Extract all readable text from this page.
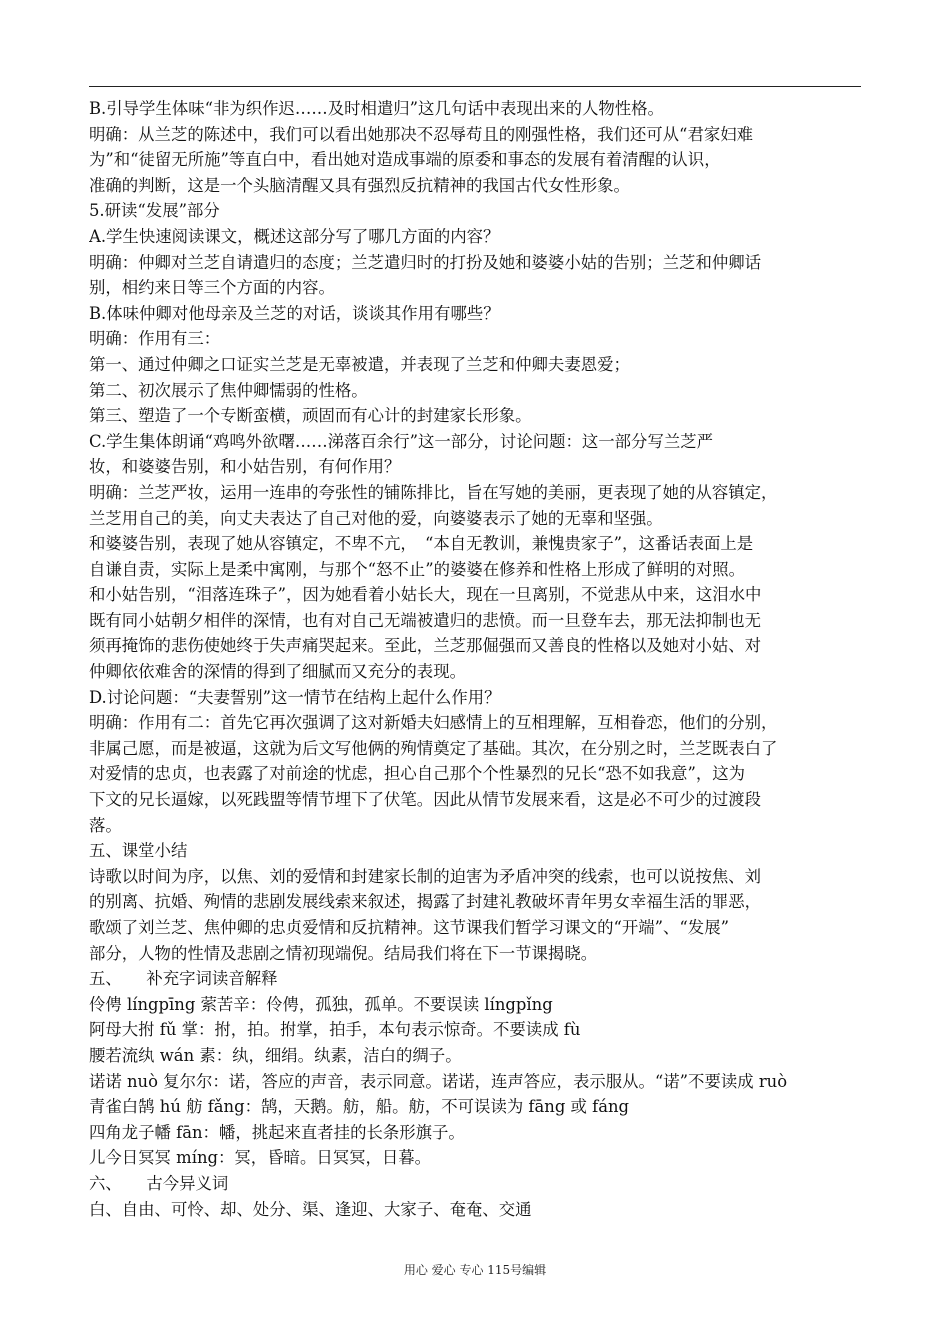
B.引导学生体味“非为织作迟‥‥‥及时相遣归”这几句话中表现出来的人物性格。
明确：从兰芝的陈述中，我们可以看出她那决不忍辱苟且的刚强性格，我们还可从“君家妇难
为”和“徒留无所施”等直白中，看出她对造成事端的原委和事态的发展有着清醒的认识，
准确的判断，这是一个头脑清醒又具有强烈反抗精神的我国古代女性形象。
5.研读“发展”部分
A.学生快速阅读课文，概述这部分写了哪几方面的内容？
明确：仲卿对兰芝自请遣归的态度；兰芝遣归时的打扮及她和婆婆小姑的告别；兰芝和仲卿话
别，相约来日等三个方面的内容。
B.体味仲卿对他母亲及兰芝的对话，谈谈其作用有哪些？
明确：作用有三：
第一、通过仲卿之口证实兰芝是无辜被遣，并表现了兰芝和仲卿夫妻恩爱；
第二、初次展示了焦仲卿懦弱的性格。
第三、塑造了一个专断蛮横，顽固而有心计的封建家长形象。
C.学生集体朗诵“鸡鸣外欲曙‥‥‥涕落百余行”这一部分，讨论问题：这一部分写兰芝严
妆，和婆婆告别，和小姑告别，有何作用？
明确：兰芝严妆，运用一连串的夸张性的铺陈排比，旨在写她的美丽，更表现了她的从容镇定，
兰芝用自己的美，向丈夫表达了自己对他的爱，向婆婆表示了她的无辜和坚强。
和婆婆告别，表现了她从容镇定，不卑不亢，　“本自无教训，兼愧贵家子”，这番话表面上是
自谦自责，实际上是柔中寓刚，与那个“怒不止”的婆婆在修养和性格上形成了鲜明的对照。
和小姑告别，“泪落连珠子”，因为她看着小姑长大，现在一旦离别，不觉悲从中来，这泪水中
既有同小姑朝夕相伴的深情，也有对自己无端被遣归的悲愤。而一旦登车去，那无法抑制也无
须再掩饰的悲伤使她终于失声痛哭起来。至此，兰芝那倔强而又善良的性格以及她对小姑、对
仲卿依依难舍的深情的得到了细腻而又充分的表现。
D.讨论问题：“夫妻誓别”这一情节在结构上起什么作用？
明确：作用有二：首先它再次强调了这对新婚夫妇感情上的互相理解，互相眷恋，他们的分别，
非属己愿，而是被逼，这就为后文写他俩的殉情奠定了基础。其次，在分别之时，兰芝既表白了
对爱情的忠贞，也表露了对前途的忧虑，担心自己那个个性暴烈的兄长“恐不如我意”，这为
下文的兄长逼嫁，以死践盟等情节埋下了伏笔。因此从情节发展来看，这是必不可少的过渡段
落。
五、课堂小结
诗歌以时间为序，以焦、刘的爱情和封建家长制的迫害为矛盾冲突的线索，也可以说按焦、刘
的别离、抗婚、殉情的悲剧发展线索来叙述，揭露了封建礼教破坏青年男女幸福生活的罪恶，
歌颂了刘兰芝、焦仲卿的忠贞爱情和反抗精神。这节课我们暂学习课文的“开端”、“发展”
部分，人物的性情及悲剧之情初现端倪。结局我们将在下一节课揭晓。
五、　　补充字词读音解释
伶俜 língpīng 萦苦辛：伶俜，孤独，孤单。不要误读 língpǐng
阿母大拊 fǔ 掌：拊，拍。拊掌，拍手，本句表示惊奇。不要读成 fù
腰若流纨 wán 素：纨，细绢。纨素，洁白的绸子。
诺诺 nuò 复尔尔：诺，答应的声音，表示同意。诺诺，连声答应，表示服从。“诺”不要读成 ruò
青雀白鹄 hú 舫 fǎng：鹄，天鹅。舫，船。舫，不可误读为 fāng 或 fáng
四角龙子幡 fān：幡，挑起来直者挂的长条形旗子。
儿今日冥冥 míng：冥，昏暗。日冥冥，日暮。
六、　　古今异义词
白、自由、可怜、却、处分、渠、逢迎、大家子、奄奄、交通
用心 爱心 专心 115号编辑
